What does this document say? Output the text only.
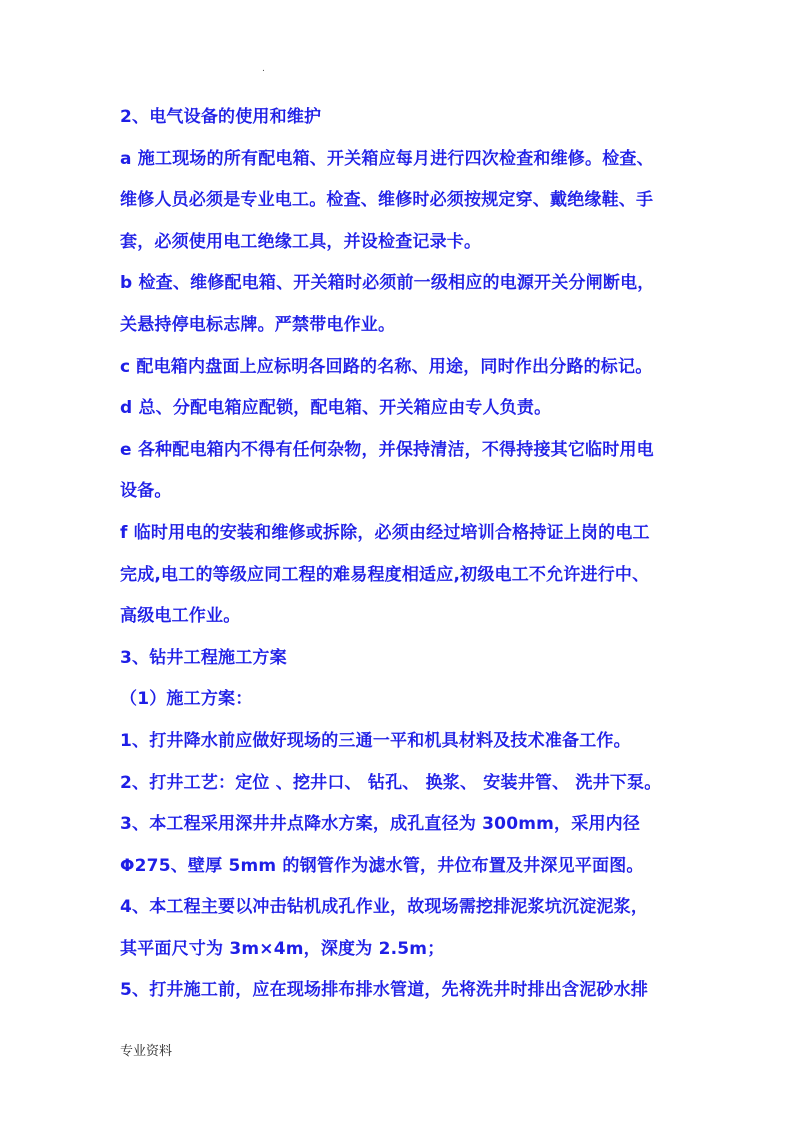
.
2、电气设备的使用和维护
a 施工现场的所有配电箱、开关箱应每月进行四次检查和维修。检查、
维修人员必须是专业电工。检查、维修时必须按规定穿、戴绝缘鞋、手
套，必须使用电工绝缘工具，并设检查记录卡。
b 检查、维修配电箱、开关箱时必须前一级相应的电源开关分闸断电，
关悬持停电标志牌。严禁带电作业。
c 配电箱内盘面上应标明各回路的名称、用途，同时作出分路的标记。
d 总、分配电箱应配锁，配电箱、开关箱应由专人负责。
e 各种配电箱内不得有任何杂物，并保持清洁，不得持接其它临时用电
设备。
f 临时用电的安装和维修或拆除，必须由经过培训合格持证上岗的电工
完成,电工的等级应同工程的难易程度相适应,初级电工不允许进行中、
高级电工作业。
3、钻井工程施工方案
（1）施工方案：
1、打井降水前应做好现场的三通一平和机具材料及技术准备工作。
2、打井工艺：定位 、挖井口、 钻孔、 换浆、 安装井管、 洗井下泵。
3、本工程采用深井井点降水方案，成孔直径为 300mm，采用内径
Φ275、壁厚 5mm 的钢管作为滤水管，井位布置及井深见平面图。
4、本工程主要以冲击钻机成孔作业，故现场需挖排泥浆坑沉淀泥浆，
其平面尺寸为 3m×4m，深度为 2.5m；
5、打井施工前，应在现场排布排水管道，先将洗井时排出含泥砂水排
专业资料
